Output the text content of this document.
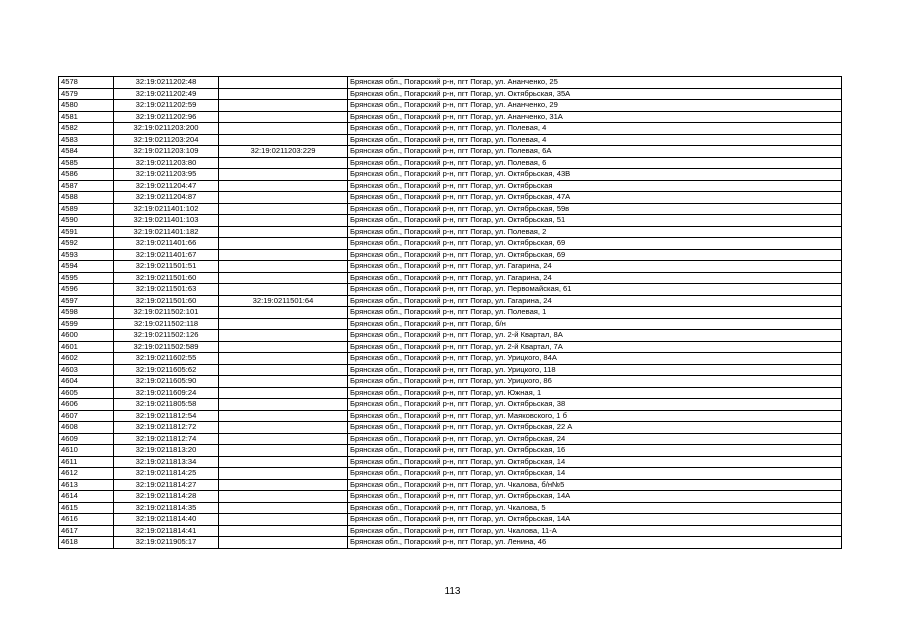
4578	32:19:0211202:48		Брянская обл., Погарский р-н, пгт Погар, ул. Ананченко, 25
4579	32:19:0211202:49		Брянская обл., Погарский р-н, пгт Погар, ул. Октябрьская, 35А
4580	32:19:0211202:59		Брянская обл., Погарский р-н, пгт Погар, ул. Ананченко, 29
4581	32:19:0211202:96		Брянская обл., Погарский р-н, пгт Погар, ул. Ананченко, 31А
4582	32:19:0211203:200		Брянская обл., Погарский р-н, пгт Погар, ул. Полевая, 4
4583	32:19:0211203:204		Брянская обл., Погарский р-н, пгт Погар, ул. Полевая, 4
4584	32:19:0211203:109	32:19:0211203:229	Брянская обл., Погарский р-н, пгт Погар, ул. Полевая, 6А
4585	32:19:0211203:80		Брянская обл., Погарский р-н, пгт Погар, ул. Полевая, 6
4586	32:19:0211203:95		Брянская обл., Погарский р-н, пгт Погар, ул. Октябрьская, 43В
4587	32:19:0211204:47		Брянская обл., Погарский р-н, пгт Погар, ул. Октябрьская
4588	32:19:0211204:87		Брянская обл., Погарский р-н, пгт Погар, ул. Октябрьская, 47А
4589	32:19:0211401:102		Брянская обл., Погарский р-н, пгт Погар, ул. Октябрьская, 59в
4590	32:19:0211401:103		Брянская обл., Погарский р-н, пгт Погар, ул. Октябрьская, 51
4591	32:19:0211401:182		Брянская обл., Погарский р-н, пгт Погар, ул. Полевая, 2
4592	32:19:0211401:66		Брянская обл., Погарский р-н, пгт Погар, ул. Октябрьская, 69
4593	32:19:0211401:67		Брянская обл., Погарский р-н, пгт Погар, ул. Октябрьская, 69
4594	32:19:0211501:51		Брянская обл., Погарский р-н, пгт Погар, ул. Гагарина, 24
4595	32:19:0211501:60		Брянская обл., Погарский р-н, пгт Погар, ул. Гагарина, 24
4596	32:19:0211501:63		Брянская обл., Погарский р-н, пгт Погар, ул. Первомайская, 61
4597	32:19:0211501:60	32:19:0211501:64	Брянская обл., Погарский р-н, пгт Погар, ул. Гагарина, 24
4598	32:19:0211502:101		Брянская обл., Погарский р-н, пгт Погар, ул. Полевая, 1
4599	32:19:0211502:118		Брянская обл., Погарский р-н, пгт Погар, б/н
4600	32:19:0211502:126		Брянская обл., Погарский р-н, пгт Погар, ул. 2-й Квартал, 8А
4601	32:19:0211502:589		Брянская обл., Погарский р-н, пгт Погар, ул. 2-й Квартал, 7А
4602	32:19:0211602:55		Брянская обл., Погарский р-н, пгт Погар, ул. Урицкого, 84А
4603	32:19:0211605:62		Брянская обл., Погарский р-н, пгт Погар, ул. Урицкого, 118
4604	32:19:0211605:90		Брянская обл., Погарский р-н, пгт Погар, ул. Урицкого, 86
4605	32:19:0211609:24		Брянская обл., Погарский р-н, пгт Погар, ул. Южная, 1
4606	32:19:0211805:58		Брянская обл., Погарский р-н, пгт Погар, ул. Октябрьская, 38
4607	32:19:0211812:54		Брянская обл., Погарский р-н, пгт Погар, ул. Маяковского, 1 б
4608	32:19:0211812:72		Брянская обл., Погарский р-н, пгт Погар, ул. Октябрьская, 22 А
4609	32:19:0211812:74		Брянская обл., Погарский р-н, пгт Погар, ул. Октябрьская, 24
4610	32:19:0211813:20		Брянская обл., Погарский р-н, пгт Погар, ул. Октябрьская, 16
4611	32:19:0211813:34		Брянская обл., Погарский р-н, пгт Погар, ул. Октябрьская, 14
4612	32:19:0211814:25		Брянская обл., Погарский р-н, пгт Погар, ул. Октябрьская, 14
4613	32:19:0211814:27		Брянская обл., Погарский р-н, пгт Погар, ул. Чкалова, б/н№5
4614	32:19:0211814:28		Брянская обл., Погарский р-н, пгт Погар, ул. Октябрьская, 14А
4615	32:19:0211814:35		Брянская обл., Погарский р-н, пгт Погар, ул. Чкалова, 5
4616	32:19:0211814:40		Брянская обл., Погарский р-н, пгт Погар, ул. Октябрьская, 14А
4617	32:19:0211814:41		Брянская обл., Погарский р-н, пгт Погар, ул. Чкалова, 11-А
4618	32:19:0211905:17		Брянская обл., Погарский р-н, пгт Погар, ул. Ленина, 46
113
